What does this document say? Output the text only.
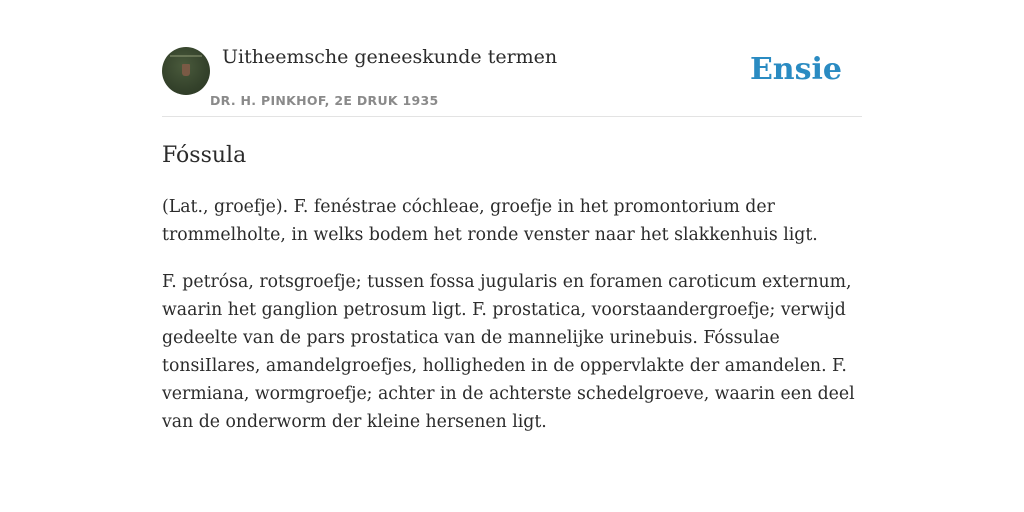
Uitheemsche geneeskunde termen
DR. H. PINKHOF, 2E DRUK 1935
Ensie
Fóssula

(Lat., groefje). F. fenéstrae cóchleae, groefje in het promontorium der trommelholte, in welks bodem het ronde venster naar het slakkenhuis ligt.

F. petrósa, rotsgroefje; tussen fossa jugularis en foramen caroticum externum, waarin het ganglion petrosum ligt. F. prostatica, voorstaandergroefje; verwijd gedeelte van de pars prostatica van de mannelijke urinebuis. Fóssulae tonsiIlares, amandelgroefjes, holligheden in de oppervlakte der amandelen. F. vermiana, wormgroefje; achter in de achterste schedelgroeve, waarin een deel van de onderworm der kleine hersenen ligt.
